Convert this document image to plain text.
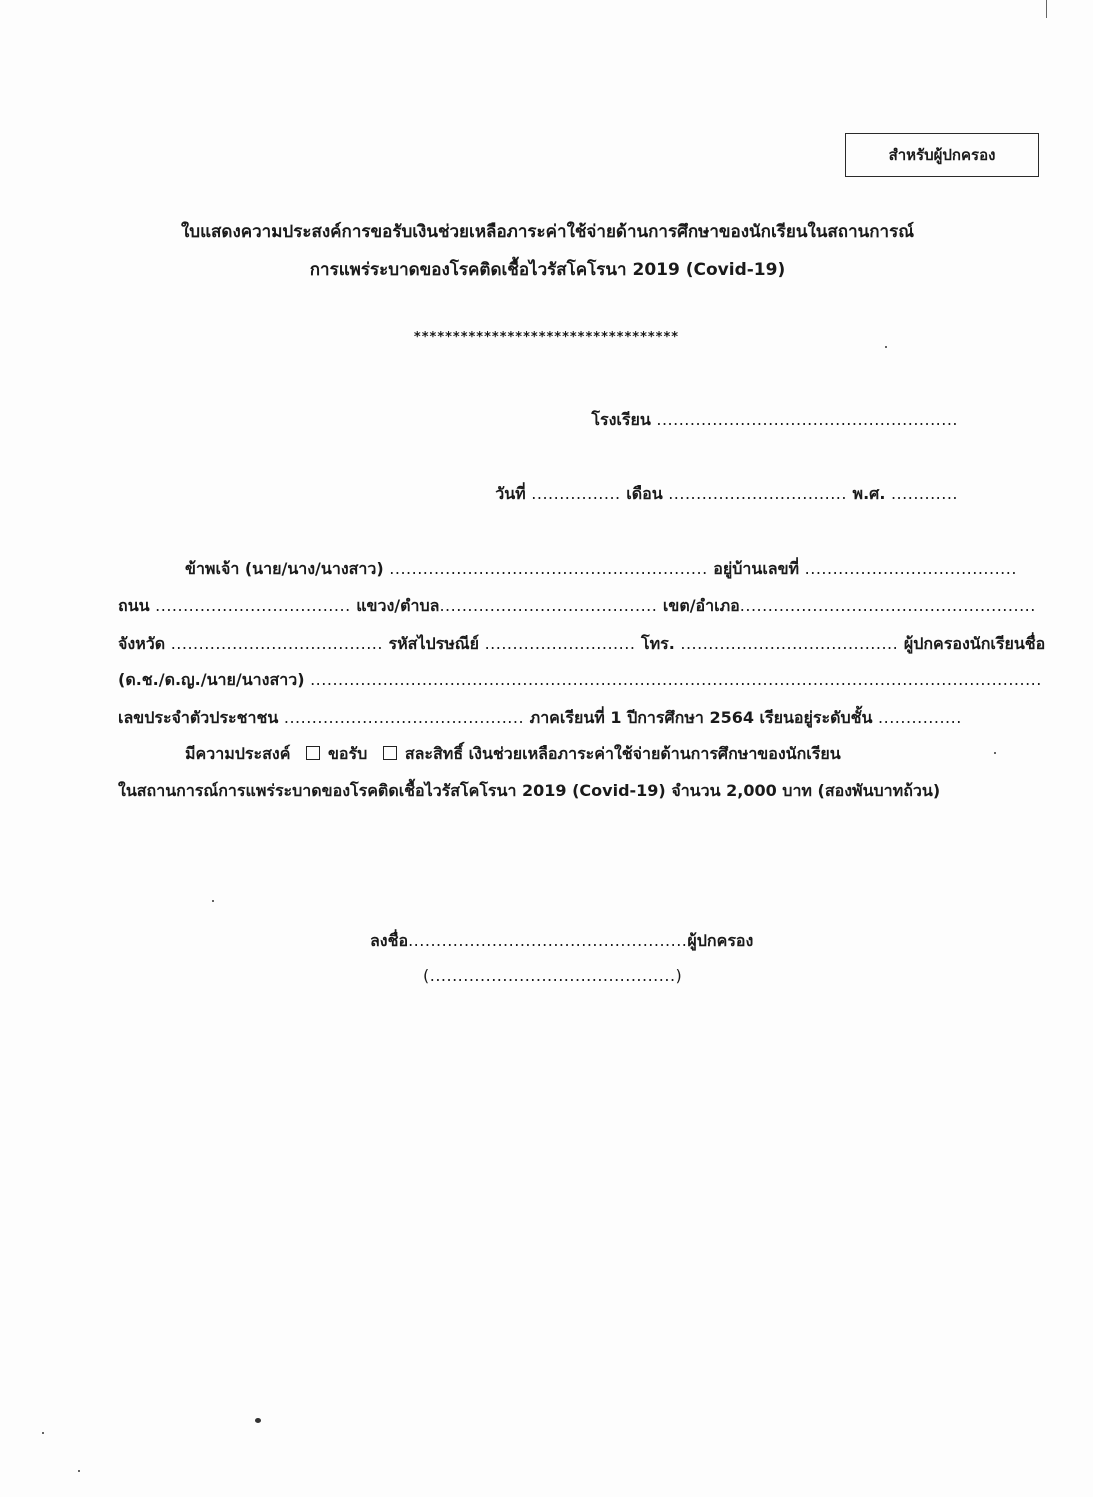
สำหรับผู้ปกครอง
ใบแสดงความประสงค์การขอรับเงินช่วยเหลือภาระค่าใช้จ่ายด้านการศึกษาของนักเรียนในสถานการณ์
การแพร่ระบาดของโรคติดเชื้อไวรัสโคโรนา 2019 (Covid-19)
**********************************
โรงเรียน ......................................................
วันที่ ................ เดือน ................................ พ.ศ. ............
ข้าพเจ้า (นาย/นาง/นางสาว) ......................................................... อยู่บ้านเลขที่ ......................................
ถนน ................................... แขวง/ตำบล....................................... เขต/อำเภอ.....................................................
จังหวัด ...................................... รหัสไปรษณีย์ ........................... โทร. ....................................... ผู้ปกครองนักเรียนชื่อ
(ด.ช./ด.ญ./นาย/นางสาว) ...................................................................................................................................
เลขประจำตัวประชาชน ........................................... ภาคเรียนที่ 1 ปีการศึกษา 2564 เรียนอยู่ระดับชั้น ...............
มีความประสงค์ ขอรับ สละสิทธิ์ เงินช่วยเหลือภาระค่าใช้จ่ายด้านการศึกษาของนักเรียน
ในสถานการณ์การแพร่ระบาดของโรคติดเชื้อไวรัสโคโรนา 2019 (Covid-19) จำนวน 2,000 บาท (สองพันบาทถ้วน)
ลงชื่อ..................................................ผู้ปกครอง
(............................................)
